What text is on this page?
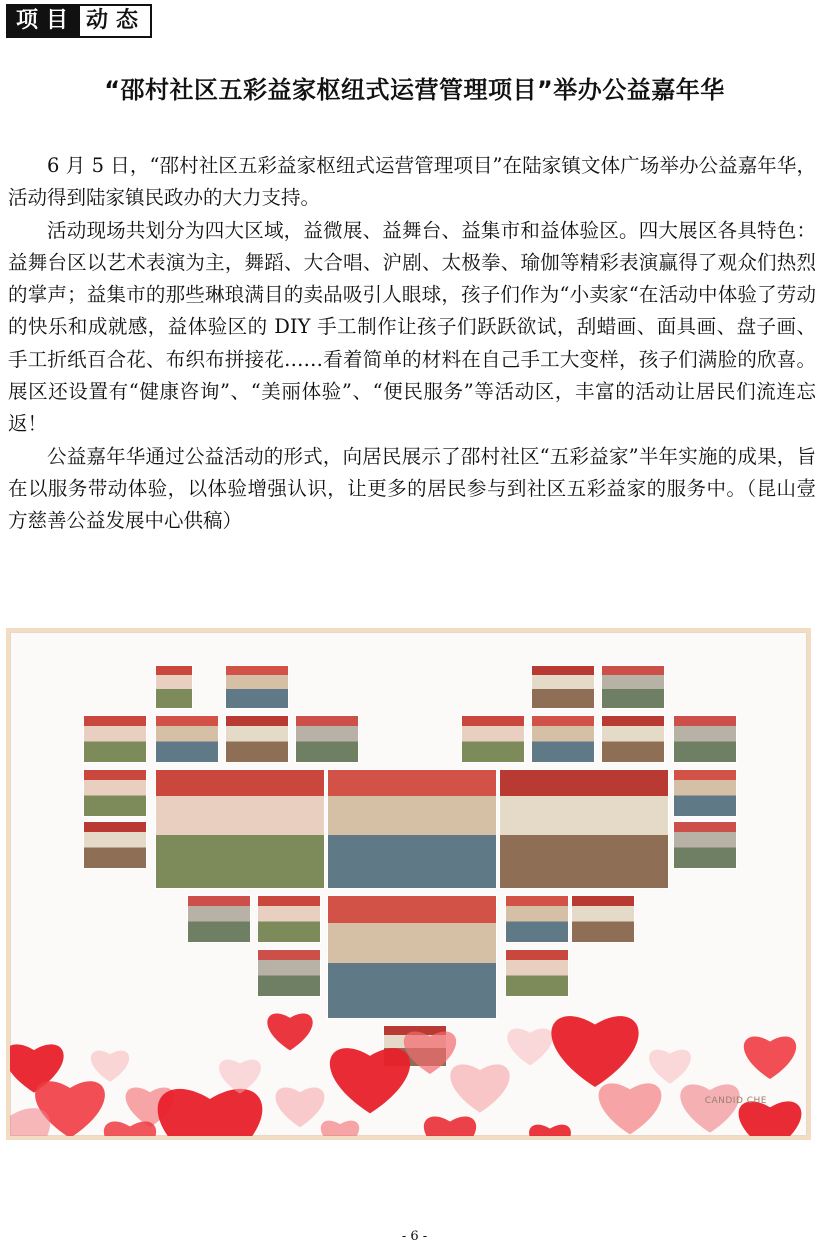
项目 动态
“邵村社区五彩益家枢纽式运营管理项目”举办公益嘉年华

6 月 5 日，“邵村社区五彩益家枢纽式运营管理项目”在陆家镇文体广场举办公益嘉年华，活动得到陆家镇民政办的大力支持。

活动现场共划分为四大区域，益微展、益舞台、益集市和益体验区。四大展区各具特色：益舞台区以艺术表演为主，舞蹈、大合唱、沪剧、太极拳、瑜伽等精彩表演赢得了观众们热烈的掌声；益集市的那些琳琅满目的卖品吸引人眼球，孩子们作为“小卖家“在活动中体验了劳动的快乐和成就感，益体验区的 DIY 手工制作让孩子们跃跃欲试，刮蜡画、面具画、盘子画、手工折纸百合花、布织布拼接花……看着简单的材料在自己手工大变样，孩子们满脸的欣喜。展区还设置有“健康咨询”、“美丽体验”、“便民服务”等活动区，丰富的活动让居民们流连忘返！

公益嘉年华通过公益活动的形式，向居民展示了邵村社区“五彩益家”半年实施的成果，旨在以服务带动体验，以体验增强认识，让更多的居民参与到社区五彩益家的服务中。（昆山壹方慈善公益发展中心供稿）

CANDID CHE
- 6 -
